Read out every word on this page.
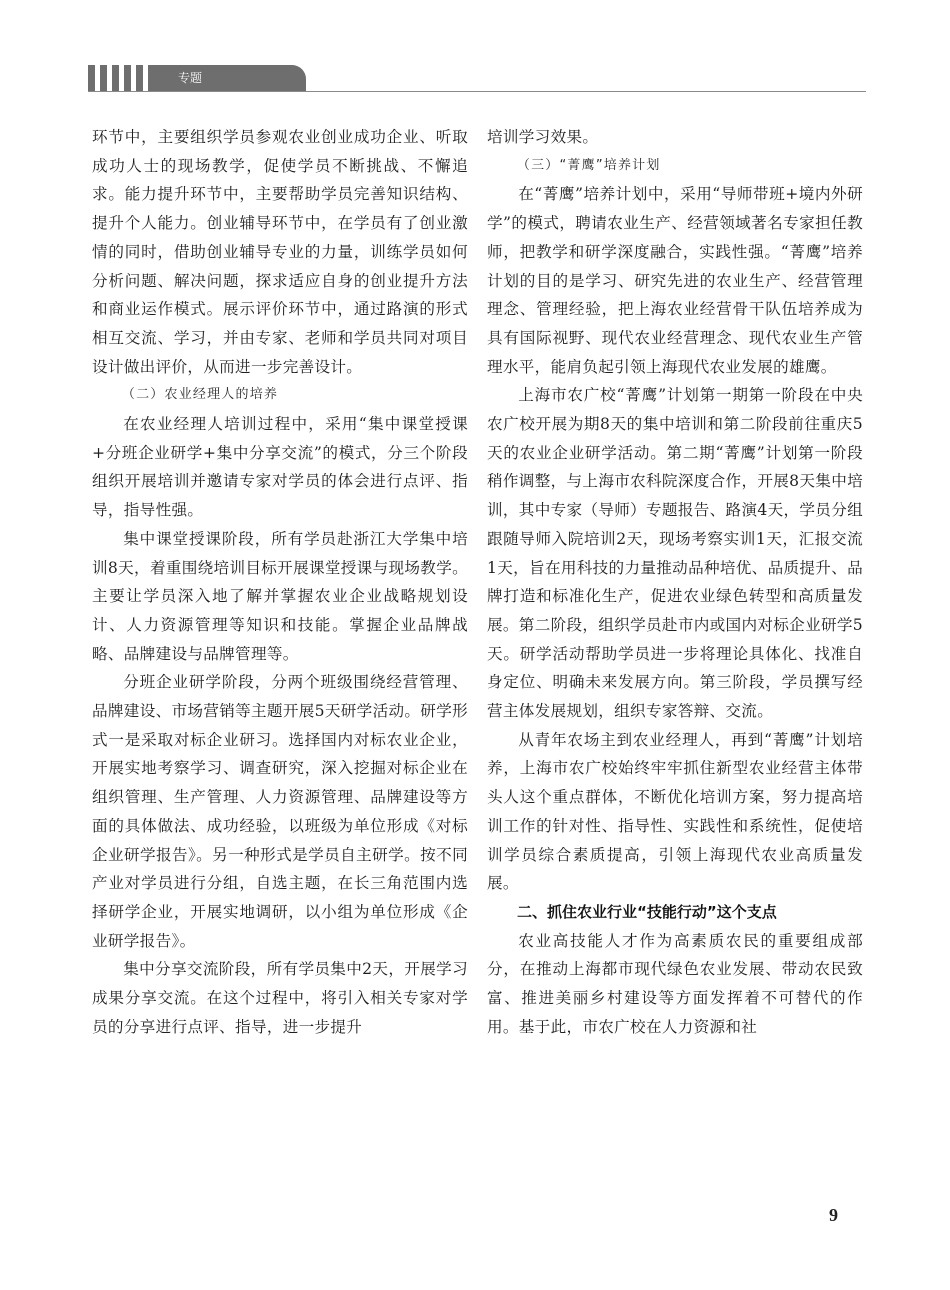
专题

环节中，主要组织学员参观农业创业成功企业、听取成功人士的现场教学，促使学员不断挑战、不懈追求。能力提升环节中，主要帮助学员完善知识结构、提升个人能力。创业辅导环节中，在学员有了创业激情的同时，借助创业辅导专业的力量，训练学员如何分析问题、解决问题，探求适应自身的创业提升方法和商业运作模式。展示评价环节中，通过路演的形式相互交流、学习，并由专家、老师和学员共同对项目设计做出评价，从而进一步完善设计。

（二）农业经理人的培养

在农业经理人培训过程中，采用“集中课堂授课+分班企业研学+集中分享交流”的模式，分三个阶段组织开展培训并邀请专家对学员的体会进行点评、指导，指导性强。

集中课堂授课阶段，所有学员赴浙江大学集中培训8天，着重围绕培训目标开展课堂授课与现场教学。主要让学员深入地了解并掌握农业企业战略规划设计、人力资源管理等知识和技能。掌握企业品牌战略、品牌建设与品牌管理等。

分班企业研学阶段，分两个班级围绕经营管理、品牌建设、市场营销等主题开展5天研学活动。研学形式一是采取对标企业研习。选择国内对标农业企业，开展实地考察学习、调查研究，深入挖掘对标企业在组织管理、生产管理、人力资源管理、品牌建设等方面的具体做法、成功经验，以班级为单位形成《对标企业研学报告》。另一种形式是学员自主研学。按不同产业对学员进行分组，自选主题，在长三角范围内选择研学企业，开展实地调研，以小组为单位形成《企业研学报告》。

集中分享交流阶段，所有学员集中2天，开展学习成果分享交流。在这个过程中，将引入相关专家对学员的分享进行点评、指导，进一步提升

培训学习效果。

（三）“菁鹰”培养计划

在“菁鹰”培养计划中，采用“导师带班+境内外研学”的模式，聘请农业生产、经营领域著名专家担任教师，把教学和研学深度融合，实践性强。“菁鹰”培养计划的目的是学习、研究先进的农业生产、经营管理理念、管理经验，把上海农业经营骨干队伍培养成为具有国际视野、现代农业经营理念、现代农业生产管理水平，能肩负起引领上海现代农业发展的雄鹰。

上海市农广校“菁鹰”计划第一期第一阶段在中央农广校开展为期8天的集中培训和第二阶段前往重庆5天的农业企业研学活动。第二期“菁鹰”计划第一阶段稍作调整，与上海市农科院深度合作，开展8天集中培训，其中专家（导师）专题报告、路演4天，学员分组跟随导师入院培训2天，现场考察实训1天，汇报交流1天，旨在用科技的力量推动品种培优、品质提升、品牌打造和标准化生产，促进农业绿色转型和高质量发展。第二阶段，组织学员赴市内或国内对标企业研学5天。研学活动帮助学员进一步将理论具体化、找准自身定位、明确未来发展方向。第三阶段，学员撰写经营主体发展规划，组织专家答辩、交流。

从青年农场主到农业经理人，再到“菁鹰”计划培养，上海市农广校始终牢牢抓住新型农业经营主体带头人这个重点群体，不断优化培训方案，努力提高培训工作的针对性、指导性、实践性和系统性，促使培训学员综合素质提高，引领上海现代农业高质量发展。

二、抓住农业行业“技能行动”这个支点

农业高技能人才作为高素质农民的重要组成部分，在推动上海都市现代绿色农业发展、带动农民致富、推进美丽乡村建设等方面发挥着不可替代的作用。基于此，市农广校在人力资源和社

9
